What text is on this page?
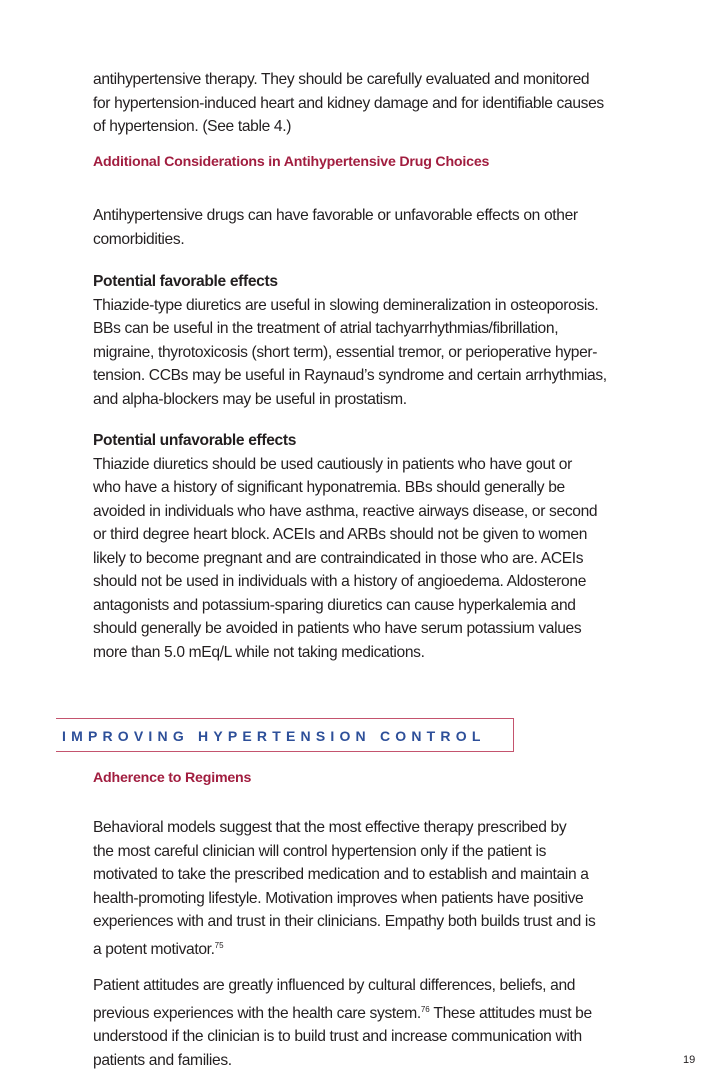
antihypertensive therapy. They should be carefully evaluated and monitored
for hypertension-induced heart and kidney damage and for identifiable causes
of hypertension. (See table 4.)
Additional Considerations in Antihypertensive Drug Choices
Antihypertensive drugs can have favorable or unfavorable effects on other
comorbidities.
Potential favorable effects
Thiazide-type diuretics are useful in slowing demineralization in osteoporosis.
BBs can be useful in the treatment of atrial tachyarrhythmias/fibrillation,
migraine, thyrotoxicosis (short term), essential tremor, or perioperative hyper-
tension. CCBs may be useful in Raynaud’s syndrome and certain arrhythmias,
and alpha-blockers may be useful in prostatism.
Potential unfavorable effects
Thiazide diuretics should be used cautiously in patients who have gout or
who have a history of significant hyponatremia. BBs should generally be
avoided in individuals who have asthma, reactive airways disease, or second
or third degree heart block. ACEIs and ARBs should not be given to women
likely to become pregnant and are contraindicated in those who are. ACEIs
should not be used in individuals with a history of angioedema. Aldosterone
antagonists and potassium-sparing diuretics can cause hyperkalemia and
should generally be avoided in patients who have serum potassium values
more than 5.0 mEq/L while not taking medications.
IMPROVING HYPERTENSION CONTROL
Adherence to Regimens
Behavioral models suggest that the most effective therapy prescribed by
the most careful clinician will control hypertension only if the patient is
motivated to take the prescribed medication and to establish and maintain a
health-promoting lifestyle. Motivation improves when patients have positive
experiences with and trust in their clinicians. Empathy both builds trust and is
a potent motivator.$^{75}$
Patient attitudes are greatly influenced by cultural differences, beliefs, and
previous experiences with the health care system.$^{76}$ These attitudes must be
understood if the clinician is to build trust and increase communication with
patients and families.	19
